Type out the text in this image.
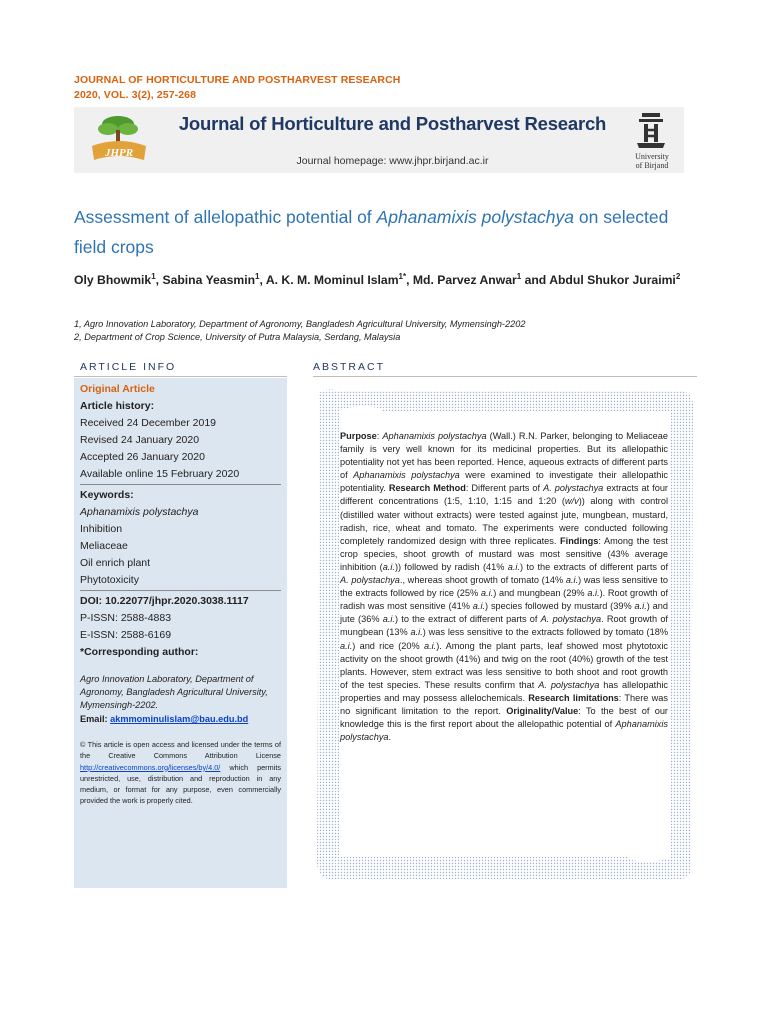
JOURNAL OF HORTICULTURE AND POSTHARVEST RESEARCH
2020, VOL. 3(2), 257-268
JHPR
Journal of Horticulture and Postharvest Research
Journal homepage: www.jhpr.birjand.ac.ir	University
of Birjand
Assessment of allelopathic potential of Aphanamixis polystachya on selected field crops
Oly Bhowmik$^1$, Sabina Yeasmin$^1$, A. K. M. Mominul Islam$^{1*}$, Md. Parvez Anwar$^1$ and Abdul Shukor Juraimi$^2$
1, Agro Innovation Laboratory, Department of Agronomy, Bangladesh Agricultural University, Mymensingh-2202
2, Department of Crop Science, University of Putra Malaysia, Serdang, Malaysia
ARTICLE INFO	ABSTRACT
Original Article
Article history:
Received 24 December 2019
Revised 24 January 2020
Accepted 26 January 2020
Available online 15 February 2020
Keywords:
Aphanamixis polystachya
Inhibition
Meliaceae
Oil enrich plant
Phytotoxicity
DOI: 10.22077/jhpr.2020.3038.1117
P-ISSN: 2588-4883
E-ISSN: 2588-6169
*Corresponding author:
Agro Innovation Laboratory, Department of Agronomy, Bangladesh Agricultural University, Mymensingh-2202.
Email: akmmominulislam@bau.edu.bd
© This article is open access and licensed under the terms of the Creative Commons Attribution License http://creativecommons.org/licenses/by/4.0/ which permits unrestricted, use, distribution and reproduction in any medium, or format for any purpose, even commercially provided the work is properly cited.
Purpose: Aphanamixis polystachya (Wall.) R.N. Parker, belonging to Meliaceae family is very well known for its medicinal properties. But its allelopathic potentiality not yet has been reported. Hence, aqueous extracts of different parts of Aphanamixis polystachya were examined to investigate their allelopathic potentiality. Research Method: Different parts of A. polystachya extracts at four different concentrations (1:5, 1:10, 1:15 and 1:20 (w/v)) along with control (distilled water without extracts) were tested against jute, mungbean, mustard, radish, rice, wheat and tomato. The experiments were conducted following completely randomized design with three replicates. Findings: Among the test crop species, shoot growth of mustard was most sensitive (43% average inhibition (a.i.)) followed by radish (41% a.i.) to the extracts of different parts of A. polystachya., whereas shoot growth of tomato (14% a.i.) was less sensitive to the extracts followed by rice (25% a.i.) and mungbean (29% a.i.). Root growth of radish was most sensitive (41% a.i.) species followed by mustard (39% a.i.) and jute (36% a.i.) to the extract of different parts of A. polystachya. Root growth of mungbean (13% a.i.) was less sensitive to the extracts followed by tomato (18% a.i.) and rice (20% a.i.). Among the plant parts, leaf showed most phytotoxic activity on the shoot growth (41%) and twig on the root (40%) growth of the test plants. However, stem extract was less sensitive to both shoot and root growth of the test species. These results confirm that A. polystachya has allelopathic properties and may possess allelochemicals. Research limitations: There was no significant limitation to the report. Originality/Value: To the best of our knowledge this is the first report about the allelopathic potential of Aphanamixis polystachya.
